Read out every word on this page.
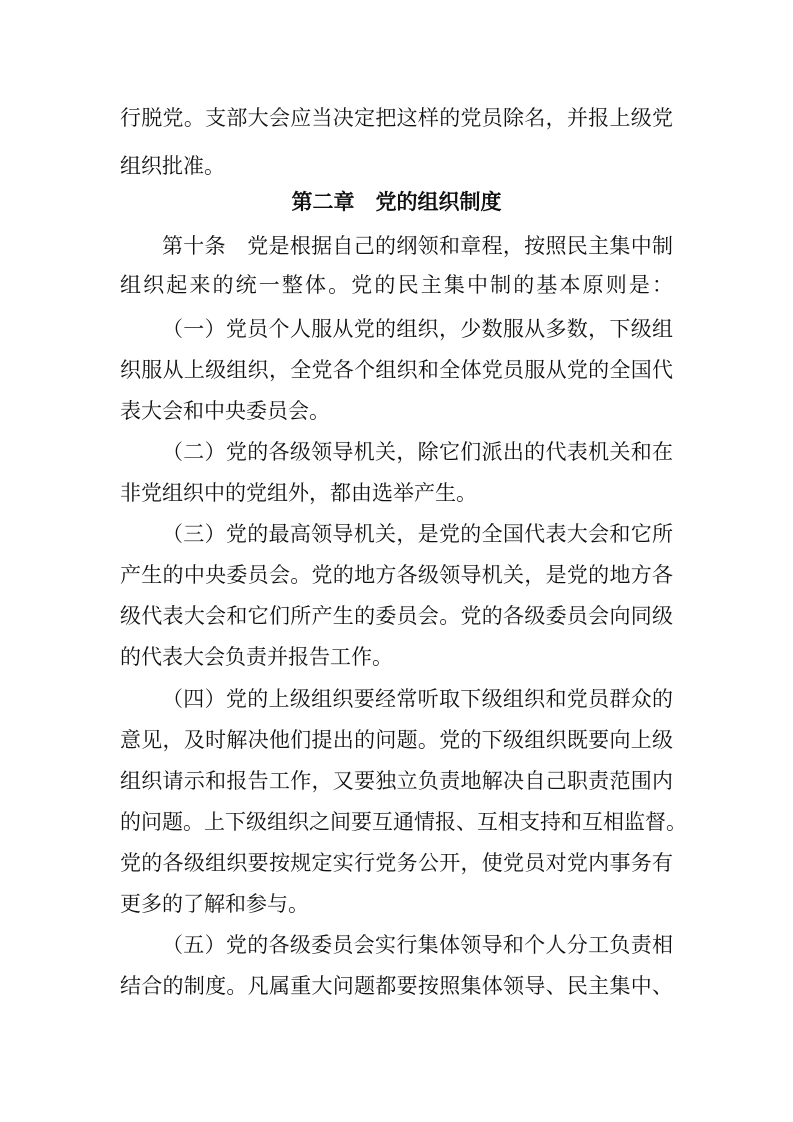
行脱党。支部大会应当决定把这样的党员除名，并报上级党
组织批准。
第二章　党的组织制度
第十条　党是根据自己的纲领和章程，按照民主集中制
组织起来的统一整体。党的民主集中制的基本原则是：
（一）党员个人服从党的组织，少数服从多数，下级组
织服从上级组织，全党各个组织和全体党员服从党的全国代
表大会和中央委员会。
（二）党的各级领导机关，除它们派出的代表机关和在
非党组织中的党组外，都由选举产生。
（三）党的最高领导机关，是党的全国代表大会和它所
产生的中央委员会。党的地方各级领导机关，是党的地方各
级代表大会和它们所产生的委员会。党的各级委员会向同级
的代表大会负责并报告工作。
（四）党的上级组织要经常听取下级组织和党员群众的
意见，及时解决他们提出的问题。党的下级组织既要向上级
组织请示和报告工作，又要独立负责地解决自己职责范围内
的问题。上下级组织之间要互通情报、互相支持和互相监督。
党的各级组织要按规定实行党务公开，使党员对党内事务有
更多的了解和参与。
（五）党的各级委员会实行集体领导和个人分工负责相
结合的制度。凡属重大问题都要按照集体领导、民主集中、
